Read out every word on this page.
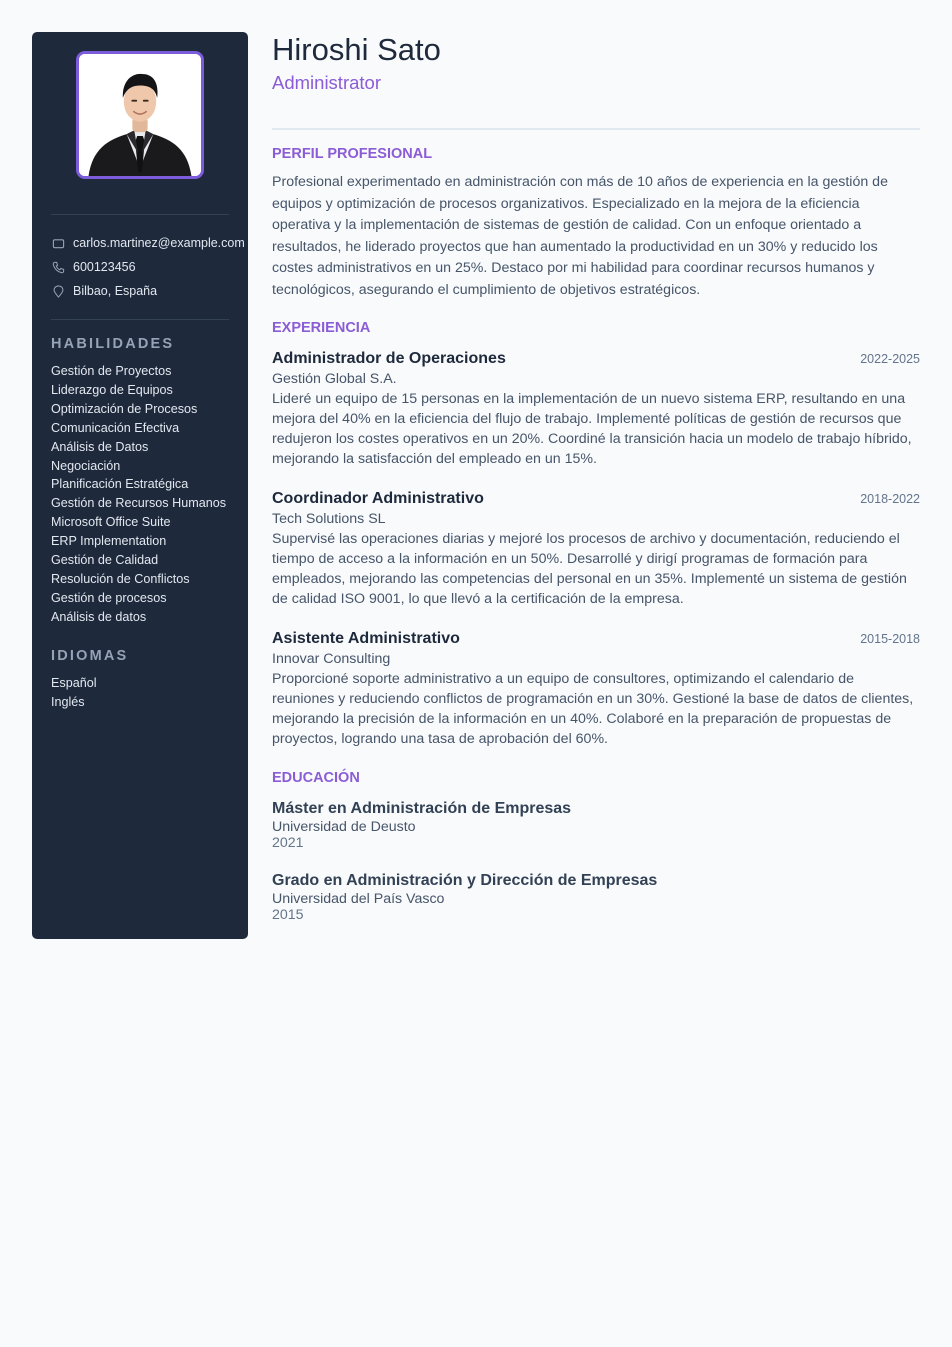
carlos.martinez@example.com
600123456
Bilbao, España
HABILIDADES
Gestión de Proyectos
Liderazgo de Equipos
Optimización de Procesos
Comunicación Efectiva
Análisis de Datos
Negociación
Planificación Estratégica
Gestión de Recursos Humanos
Microsoft Office Suite
ERP Implementation
Gestión de Calidad
Resolución de Conflictos
Gestión de procesos
Análisis de datos
IDIOMAS
Español
Inglés
Hiroshi Sato
Administrator
PERFIL PROFESIONAL

Profesional experimentado en administración con más de 10 años de experiencia en la gestión de equipos y optimización de procesos organizativos. Especializado en la mejora de la eficiencia operativa y la implementación de sistemas de gestión de calidad. Con un enfoque orientado a resultados, he liderado proyectos que han aumentado la productividad en un 30% y reducido los costes administrativos en un 25%. Destaco por mi habilidad para coordinar recursos humanos y tecnológicos, asegurando el cumplimiento de objetivos estratégicos.

EXPERIENCIA
Administrador de Operaciones	2022-2025
Gestión Global S.A.

Lideré un equipo de 15 personas en la implementación de un nuevo sistema ERP, resultando en una mejora del 40% en la eficiencia del flujo de trabajo. Implementé políticas de gestión de recursos que redujeron los costes operativos en un 20%. Coordiné la transición hacia un modelo de trabajo híbrido, mejorando la satisfacción del empleado en un 15%.

Coordinador Administrativo	2018-2022
Tech Solutions SL

Supervisé las operaciones diarias y mejoré los procesos de archivo y documentación, reduciendo el tiempo de acceso a la información en un 50%. Desarrollé y dirigí programas de formación para empleados, mejorando las competencias del personal en un 35%. Implementé un sistema de gestión de calidad ISO 9001, lo que llevó a la certificación de la empresa.

Asistente Administrativo	2015-2018
Innovar Consulting

Proporcioné soporte administrativo a un equipo de consultores, optimizando el calendario de reuniones y reduciendo conflictos de programación en un 30%. Gestioné la base de datos de clientes, mejorando la precisión de la información en un 40%. Colaboré en la preparación de propuestas de proyectos, logrando una tasa de aprobación del 60%.

EDUCACIÓN
Máster en Administración de Empresas
Universidad de Deusto
2021
Grado en Administración y Dirección de Empresas
Universidad del País Vasco
2015
